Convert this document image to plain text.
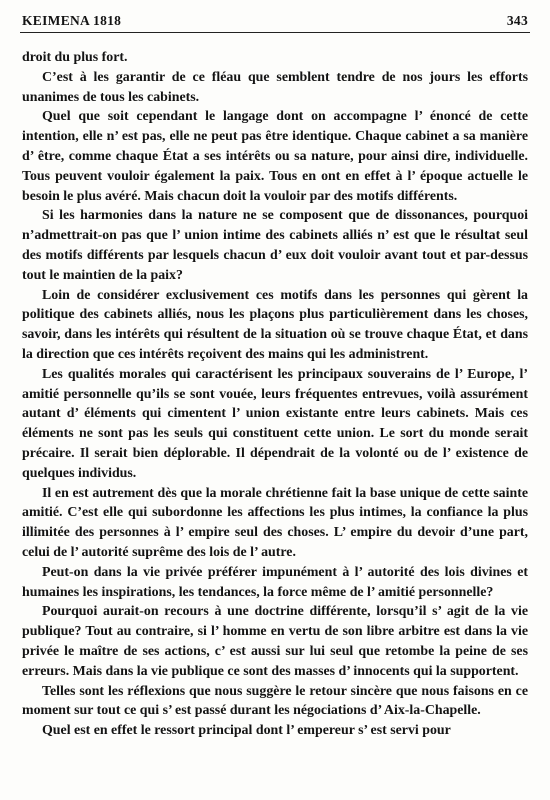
KEIMENA 1818	343

droit du plus fort.

C’est à les garantir de ce fléau que semblent tendre de nos jours les efforts unanimes de tous les cabinets.

Quel que soit cependant le langage dont on accompagne l’ énoncé de cette intention, elle n’ est pas, elle ne peut pas être identique. Chaque cabinet a sa manière d’ être, comme chaque État a ses intérêts ou sa nature, pour ainsi dire, individuelle. Tous peuvent vouloir également la paix. Tous en ont en effet à l’ époque actuelle le besoin le plus avéré. Mais chacun doit la vouloir par des motifs différents.

Si les harmonies dans la nature ne se composent que de dissonances, pourquoi n’admettrait-on pas que l’ union intime des cabinets alliés n’ est que le résultat seul des motifs différents par lesquels chacun d’ eux doit vouloir avant tout et par-dessus tout le maintien de la paix?

Loin de considérer exclusivement ces motifs dans les personnes qui gèrent la politique des cabinets alliés, nous les plaçons plus particulièrement dans les choses, savoir, dans les intérêts qui résultent de la situation où se trouve chaque État, et dans la direction que ces intérêts reçoivent des mains qui les administrent.

Les qualités morales qui caractérisent les principaux souverains de l’ Europe, l’ amitié personnelle qu’ils se sont vouée, leurs fréquentes entrevues, voilà assurément autant d’ éléments qui cimentent l’ union existante entre leurs cabinets. Mais ces éléments ne sont pas les seuls qui constituent cette union. Le sort du monde serait précaire. Il serait bien déplorable. Il dépendrait de la volonté ou de l’ existence de quelques individus.

Il en est autrement dès que la morale chrétienne fait la base unique de cette sainte amitié. C’est elle qui subordonne les affections les plus intimes, la confiance la plus illimitée des personnes à l’ empire seul des choses. L’ empire du devoir d’une part, celui de l’ autorité suprême des lois de l’ autre.

Peut-on dans la vie privée préférer impunément à l’ autorité des lois divines et humaines les inspirations, les tendances, la force même de l’ amitié personnelle?

Pourquoi aurait-on recours à une doctrine différente, lorsqu’il s’ agit de la vie publique? Tout au contraire, si l’ homme en vertu de son libre arbitre est dans la vie privée le maître de ses actions, c’ est aussi sur lui seul que retombe la peine de ses erreurs. Mais dans la vie publique ce sont des masses d’ innocents qui la supportent.

Telles sont les réflexions que nous suggère le retour sincère que nous faisons en ce moment sur tout ce qui s’ est passé durant les négociations d’ Aix-la-Chapelle.

Quel est en effet le ressort principal dont l’ empereur s’ est servi pour
